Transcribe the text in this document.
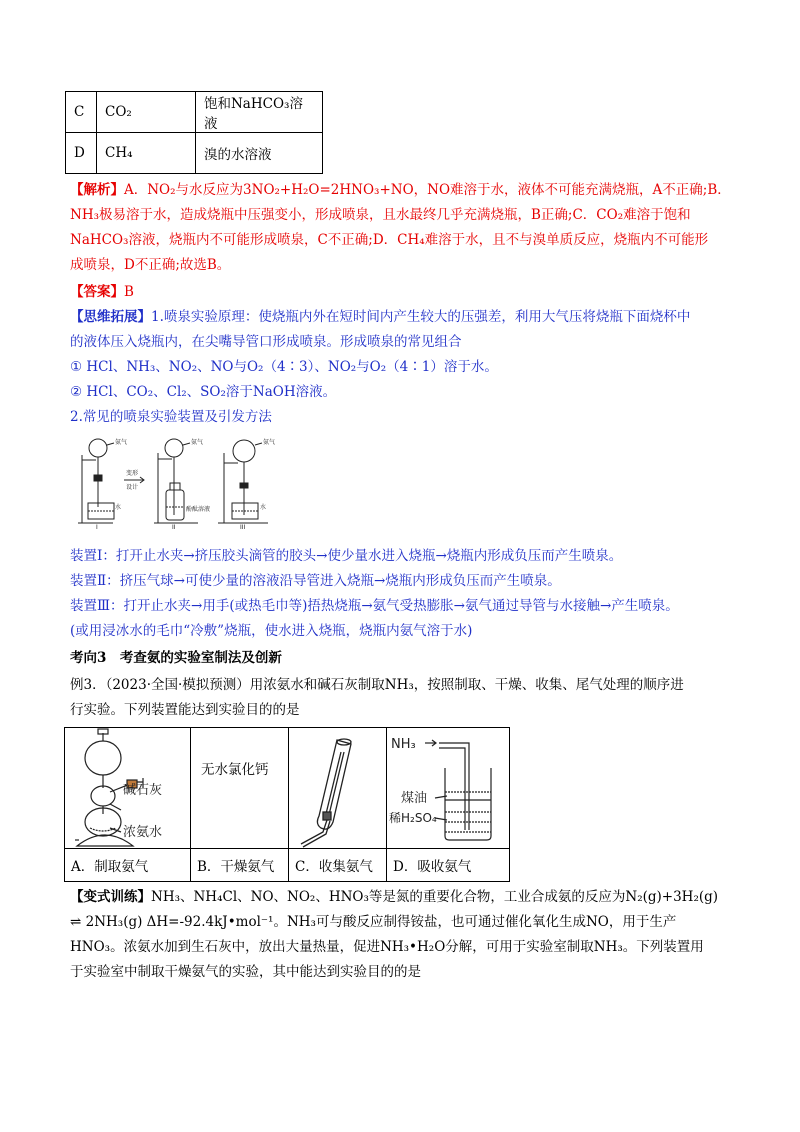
C	CO₂	饱和NaHCO₃溶液
D	CH₄	溴的水溶液
【解析】A．NO₂与水反应为3NO₂+H₂O=2HNO₃+NO，NO难溶于水，液体不可能充满烧瓶，A不正确;B．
NH₃极易溶于水，造成烧瓶中压强变小，形成喷泉，且水最终几乎充满烧瓶，B正确;C．CO₂难溶于饱和
NaHCO₃溶液，烧瓶内不可能形成喷泉，C不正确;D．CH₄难溶于水，且不与溴单质反应，烧瓶内不可能形
成喷泉，D不正确;故选B。
【答案】B
【思维拓展】1.喷泉实验原理：使烧瓶内外在短时间内产生较大的压强差，利用大气压将烧瓶下面烧杯中
的液体压入烧瓶内，在尖嘴导管口形成喷泉。形成喷泉的常见组合
① HCl、NH₃、NO₂、NO与O₂（4∶3）、NO₂与O₂（4∶1）溶于水。
② HCl、CO₂、Cl₂、SO₂溶于NaOH溶液。
2.常见的喷泉实验装置及引发方法
氨气
水
I
变形
设计
氨气
酚酞溶液
II
氨气
水
III
装置Ⅰ：打开止水夹→挤压胶头滴管的胶头→使少量水进入烧瓶→烧瓶内形成负压而产生喷泉。
装置Ⅱ：挤压气球→可使少量的溶液沿导管进入烧瓶→烧瓶内形成负压而产生喷泉。
装置Ⅲ：打开止水夹→用手(或热毛巾等)捂热烧瓶→氨气受热膨胀→氨气通过导管与水接触→产生喷泉。
(或用浸冰水的毛巾“冷敷”烧瓶，使水进入烧瓶，烧瓶内氨气溶于水)
考向3　考查氨的实验室制法及创新
例3．（2023·全国·模拟预测）用浓氨水和碱石灰制取NH₃，按照制取、干燥、收集、尾气处理的顺序进
行实验。下列装置能达到实验目的的是
碱石灰
浓氨水	无水氯化钙		NH₃
煤油
稀H₂SO₄

A．制取氨气	B．干燥氨气	C．收集氨气	D．吸收氨气
【变式训练】NH₃、NH₄Cl、NO、NO₂、HNO₃等是氮的重要化合物，工业合成氨的反应为N₂(g)+3H₂(g)
⇌ 2NH₃(g) ΔH=-92.4kJ•mol⁻¹。NH₃可与酸反应制得铵盐，也可通过催化氧化生成NO，用于生产
HNO₃。浓氨水加到生石灰中，放出大量热量，促进NH₃•H₂O分解，可用于实验室制取NH₃。下列装置用
于实验室中制取干燥氨气的实验，其中能达到实验目的的是
